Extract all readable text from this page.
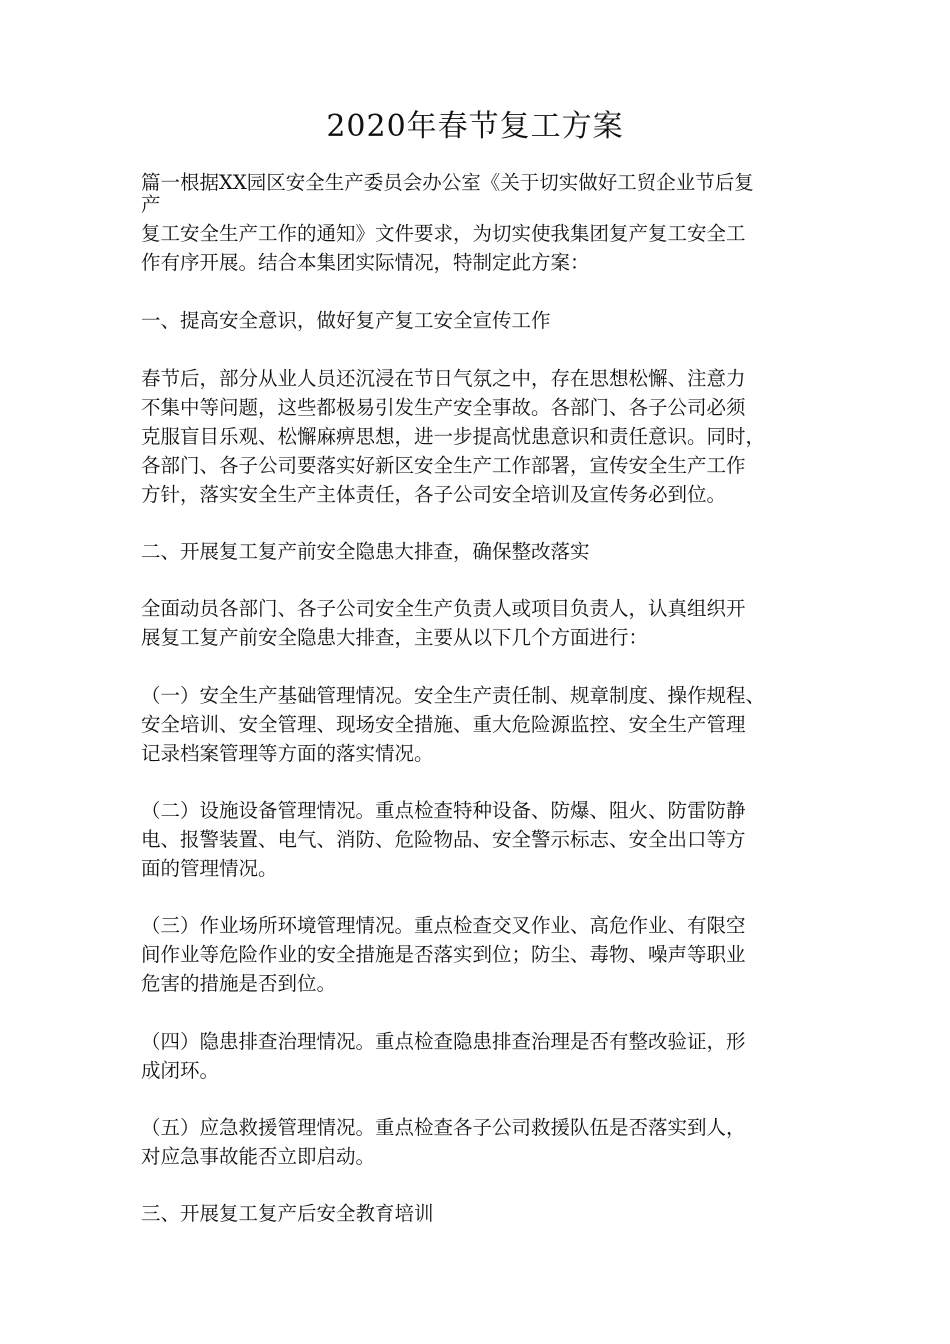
2020年春节复工方案
篇一根据XX园区安全生产委员会办公室《关于切实做好工贸企业节后复
产
复工安全生产工作的通知》文件要求，为切实使我集团复产复工安全工
作有序开展。结合本集团实际情况，特制定此方案：
一、提高安全意识，做好复产复工安全宣传工作
春节后，部分从业人员还沉浸在节日气氛之中，存在思想松懈、注意力
不集中等问题，这些都极易引发生产安全事故。各部门、各子公司必须
克服盲目乐观、松懈麻痹思想，进一步提高忧患意识和责任意识。同时，
各部门、各子公司要落实好新区安全生产工作部署，宣传安全生产工作
方针，落实安全生产主体责任，各子公司安全培训及宣传务必到位。
二、开展复工复产前安全隐患大排查，确保整改落实
全面动员各部门、各子公司安全生产负责人或项目负责人，认真组织开
展复工复产前安全隐患大排查，主要从以下几个方面进行：
（一）安全生产基础管理情况。安全生产责任制、规章制度、操作规程、
安全培训、安全管理、现场安全措施、重大危险源监控、安全生产管理
记录档案管理等方面的落实情况。
（二）设施设备管理情况。重点检查特种设备、防爆、阻火、防雷防静
电、报警装置、电气、消防、危险物品、安全警示标志、安全出口等方
面的管理情况。
（三）作业场所环境管理情况。重点检查交叉作业、高危作业、有限空
间作业等危险作业的安全措施是否落实到位；防尘、毒物、噪声等职业
危害的措施是否到位。
（四）隐患排查治理情况。重点检查隐患排查治理是否有整改验证，形
成闭环。
（五）应急救援管理情况。重点检查各子公司救援队伍是否落实到人，
对应急事故能否立即启动。
三、开展复工复产后安全教育培训
